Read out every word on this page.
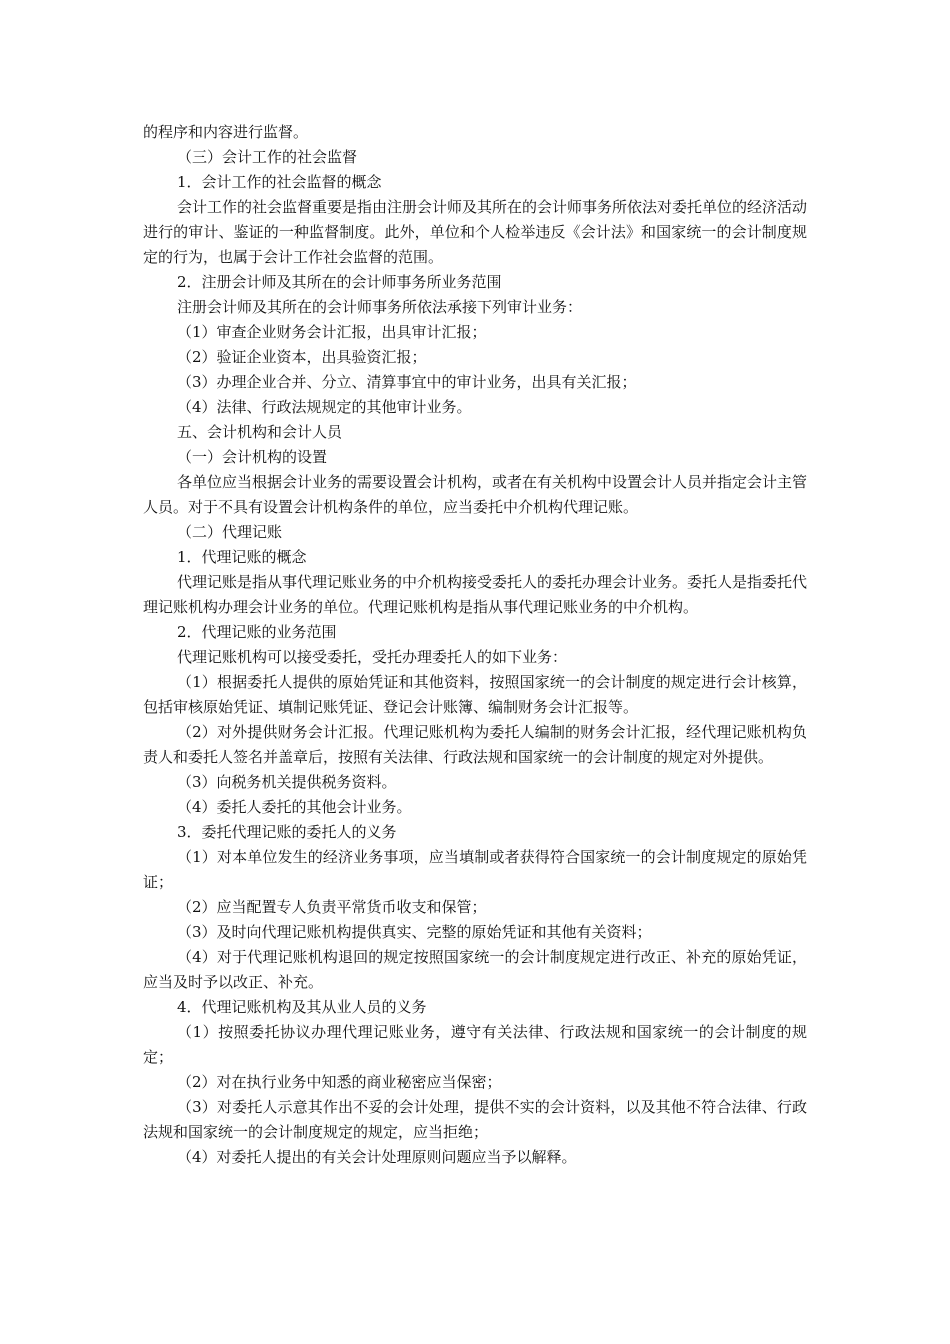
的程序和内容进行监督。

（三）会计工作的社会监督

1．会计工作的社会监督的概念

会计工作的社会监督重要是指由注册会计师及其所在的会计师事务所依法对委托单位的经济活动进行的审计、鉴证的一种监督制度。此外，单位和个人检举违反《会计法》和国家统一的会计制度规定的行为，也属于会计工作社会监督的范围。

2．注册会计师及其所在的会计师事务所业务范围

注册会计师及其所在的会计师事务所依法承接下列审计业务：

（1）审查企业财务会计汇报，出具审计汇报；

（2）验证企业资本，出具验资汇报；

（3）办理企业合并、分立、清算事宜中的审计业务，出具有关汇报；

（4）法律、行政法规规定的其他审计业务。

五、会计机构和会计人员

（一）会计机构的设置

各单位应当根据会计业务的需要设置会计机构，或者在有关机构中设置会计人员并指定会计主管人员。对于不具有设置会计机构条件的单位，应当委托中介机构代理记账。

（二）代理记账

1．代理记账的概念

代理记账是指从事代理记账业务的中介机构接受委托人的委托办理会计业务。委托人是指委托代理记账机构办理会计业务的单位。代理记账机构是指从事代理记账业务的中介机构。

2．代理记账的业务范围

代理记账机构可以接受委托，受托办理委托人的如下业务：

（1）根据委托人提供的原始凭证和其他资料，按照国家统一的会计制度的规定进行会计核算，包括审核原始凭证、填制记账凭证、登记会计账簿、编制财务会计汇报等。

（2）对外提供财务会计汇报。代理记账机构为委托人编制的财务会计汇报，经代理记账机构负责人和委托人签名并盖章后，按照有关法律、行政法规和国家统一的会计制度的规定对外提供。

（3）向税务机关提供税务资料。

（4）委托人委托的其他会计业务。

3．委托代理记账的委托人的义务

（1）对本单位发生的经济业务事项，应当填制或者获得符合国家统一的会计制度规定的原始凭证；

（2）应当配置专人负责平常货币收支和保管；

（3）及时向代理记账机构提供真实、完整的原始凭证和其他有关资料；

（4）对于代理记账机构退回的规定按照国家统一的会计制度规定进行改正、补充的原始凭证，应当及时予以改正、补充。

4．代理记账机构及其从业人员的义务

（1）按照委托协议办理代理记账业务，遵守有关法律、行政法规和国家统一的会计制度的规定；

（2）对在执行业务中知悉的商业秘密应当保密；

（3）对委托人示意其作出不妥的会计处理，提供不实的会计资料，以及其他不符合法律、行政法规和国家统一的会计制度规定的规定，应当拒绝；

（4）对委托人提出的有关会计处理原则问题应当予以解释。
